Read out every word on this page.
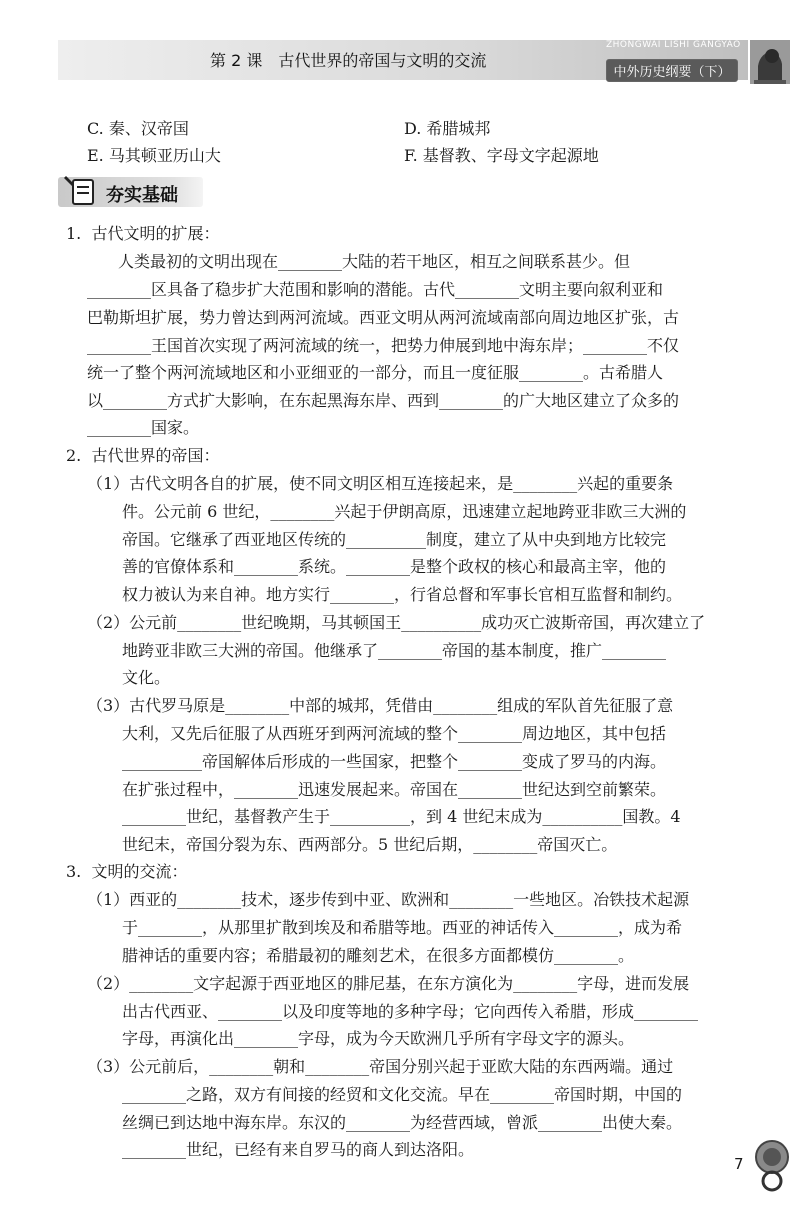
第 2 课　古代世界的帝国与文明的交流
ZHONGWAI LISHI GANGYAO
中外历史纲要（下）
C. 秦、汉帝国	D. 希腊城邦
E. 马其顿亚历山大	F. 基督教、字母文字起源地
夯实基础
1.  古代文明的扩展：
人类最初的文明出现在________大陆的若干地区，相互之间联系甚少。但
________区具备了稳步扩大范围和影响的潜能。古代________文明主要向叙利亚和
巴勒斯坦扩展，势力曾达到两河流域。西亚文明从两河流域南部向周边地区扩张，古
________王国首次实现了两河流域的统一，把势力伸展到地中海东岸；________不仅
统一了整个两河流域地区和小亚细亚的一部分，而且一度征服________。古希腊人
以________方式扩大影响，在东起黑海东岸、西到________的广大地区建立了众多的
________国家。
2.  古代世界的帝国：
（1）古代文明各自的扩展，使不同文明区相互连接起来，是________兴起的重要条
件。公元前 6 世纪，________兴起于伊朗高原，迅速建立起地跨亚非欧三大洲的
帝国。它继承了西亚地区传统的__________制度，建立了从中央到地方比较完
善的官僚体系和________系统。________是整个政权的核心和最高主宰，他的
权力被认为来自神。地方实行________，行省总督和军事长官相互监督和制约。
（2）公元前________世纪晚期，马其顿国王__________成功灭亡波斯帝国，再次建立了
地跨亚非欧三大洲的帝国。他继承了________帝国的基本制度，推广________
文化。
（3）古代罗马原是________中部的城邦，凭借由________组成的军队首先征服了意
大利，又先后征服了从西班牙到两河流域的整个________周边地区，其中包括
__________帝国解体后形成的一些国家，把整个________变成了罗马的内海。
在扩张过程中，________迅速发展起来。帝国在________世纪达到空前繁荣。
________世纪，基督教产生于__________，到 4 世纪末成为__________国教。4
世纪末，帝国分裂为东、西两部分。5 世纪后期，________帝国灭亡。
3.  文明的交流：
（1）西亚的________技术，逐步传到中亚、欧洲和________一些地区。冶铁技术起源
于________，从那里扩散到埃及和希腊等地。西亚的神话传入________，成为希
腊神话的重要内容；希腊最初的雕刻艺术，在很多方面都模仿________。
（2）________文字起源于西亚地区的腓尼基，在东方演化为________字母，进而发展
出古代西亚、________以及印度等地的多种字母；它向西传入希腊，形成________
字母，再演化出________字母，成为今天欧洲几乎所有字母文字的源头。
（3）公元前后，________朝和________帝国分别兴起于亚欧大陆的东西两端。通过
________之路，双方有间接的经贸和文化交流。早在________帝国时期，中国的
丝绸已到达地中海东岸。东汉的________为经营西域，曾派________出使大秦。
________世纪，已经有来自罗马的商人到达洛阳。
7
